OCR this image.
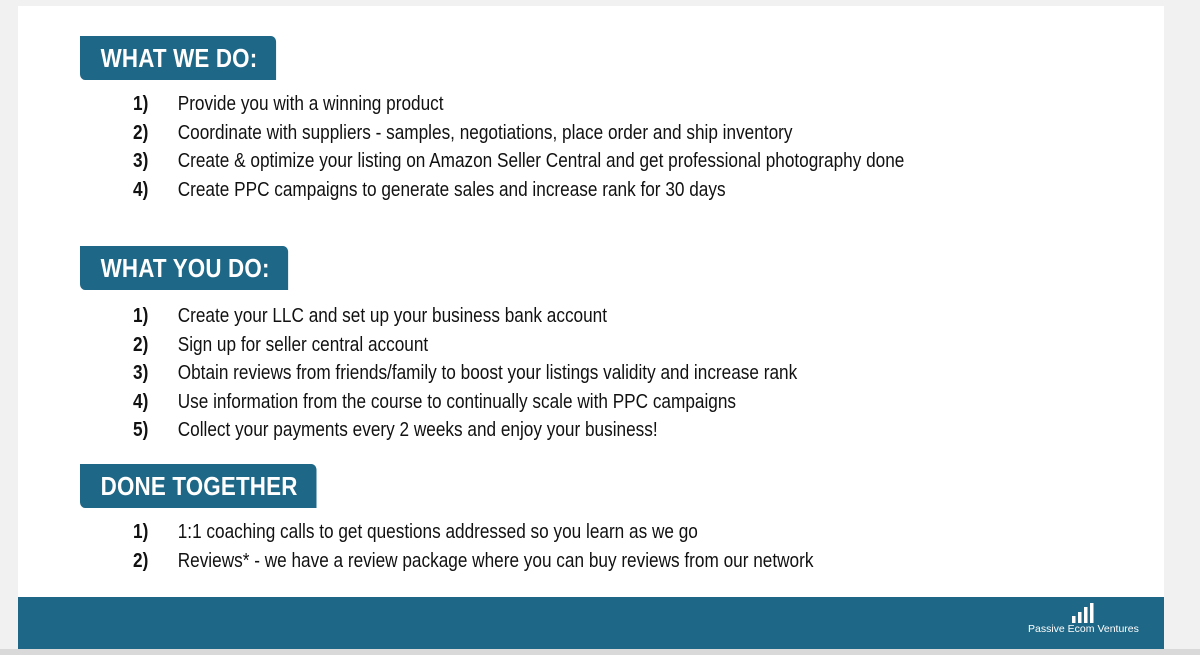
WHAT WE DO:
1) Provide you with a winning product
2) Coordinate with suppliers - samples, negotiations, place order and ship inventory
3) Create & optimize your listing on Amazon Seller Central and get professional photography done
4) Create PPC campaigns to generate sales and increase rank for 30 days
WHAT YOU DO:
1) Create your LLC and set up your business bank account
2) Sign up for seller central account
3) Obtain reviews from friends/family to boost your listings validity and increase rank
4) Use information from the course to continually scale with PPC campaigns
5) Collect your payments every 2 weeks and enjoy your business!
DONE TOGETHER
1) 1:1 coaching calls to get questions addressed so you learn as we go
2) Reviews* - we have a review package where you can buy reviews from our network
Passive Ecom Ventures
